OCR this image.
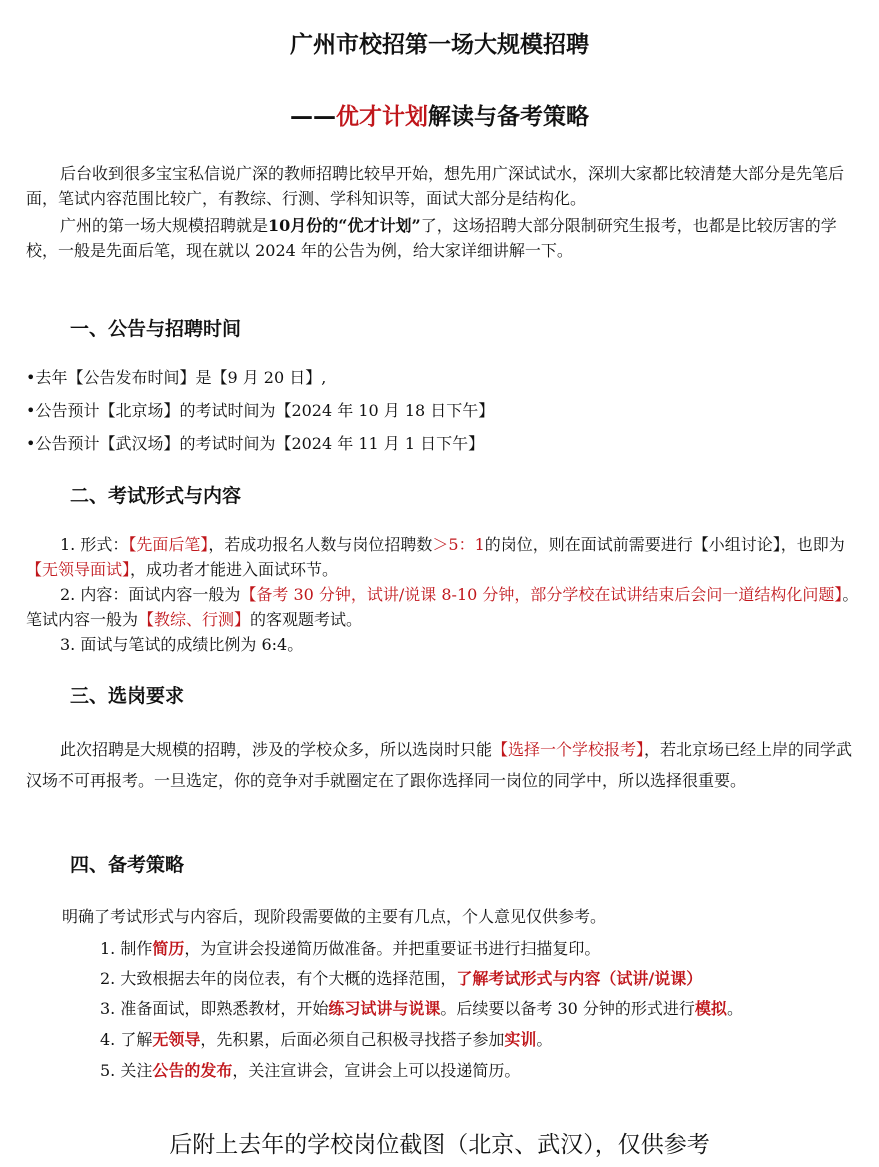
广州市校招第一场大规模招聘
——优才计划解读与备考策略
后台收到很多宝宝私信说广深的教师招聘比较早开始，想先用广深试试水，深圳大家都比较清楚大部分是先笔后面，笔试内容范围比较广，有教综、行测、学科知识等，面试大部分是结构化。
广州的第一场大规模招聘就是10月份的“优才计划”了，这场招聘大部分限制研究生报考，也都是比较厉害的学校，一般是先面后笔，现在就以 2024 年的公告为例，给大家详细讲解一下。
一、公告与招聘时间
•去年【公告发布时间】是【9 月 20 日】,
•公告预计【北京场】的考试时间为【2024 年 10 月 18 日下午】
•公告预计【武汉场】的考试时间为【2024 年 11 月 1 日下午】
二、考试形式与内容
1. 形式：【先面后笔】，若成功报名人数与岗位招聘数＞5：1的岗位，则在面试前需要进行【小组讨论】，也即为【无领导面试】，成功者才能进入面试环节。
2. 内容：面试内容一般为【备考 30 分钟，试讲/说课 8-10 分钟，部分学校在试讲结束后会问一道结构化问题】。笔试内容一般为【教综、行测】的客观题考试。
3. 面试与笔试的成绩比例为 6:4。
三、选岗要求
此次招聘是大规模的招聘，涉及的学校众多，所以选岗时只能【选择一个学校报考】，若北京场已经上岸的同学武汉场不可再报考。一旦选定，你的竞争对手就圈定在了跟你选择同一岗位的同学中，所以选择很重要。
四、备考策略
明确了考试形式与内容后，现阶段需要做的主要有几点，个人意见仅供参考。
1. 制作简历，为宣讲会投递简历做准备。并把重要证书进行扫描复印。
2. 大致根据去年的岗位表，有个大概的选择范围，了解考试形式与内容（试讲/说课）
3. 准备面试，即熟悉教材，开始练习试讲与说课。后续要以备考 30 分钟的形式进行模拟。
4. 了解无领导，先积累，后面必须自己积极寻找搭子参加实训。
5. 关注公告的发布，关注宣讲会，宣讲会上可以投递简历。
后附上去年的学校岗位截图（北京、武汉），仅供参考
